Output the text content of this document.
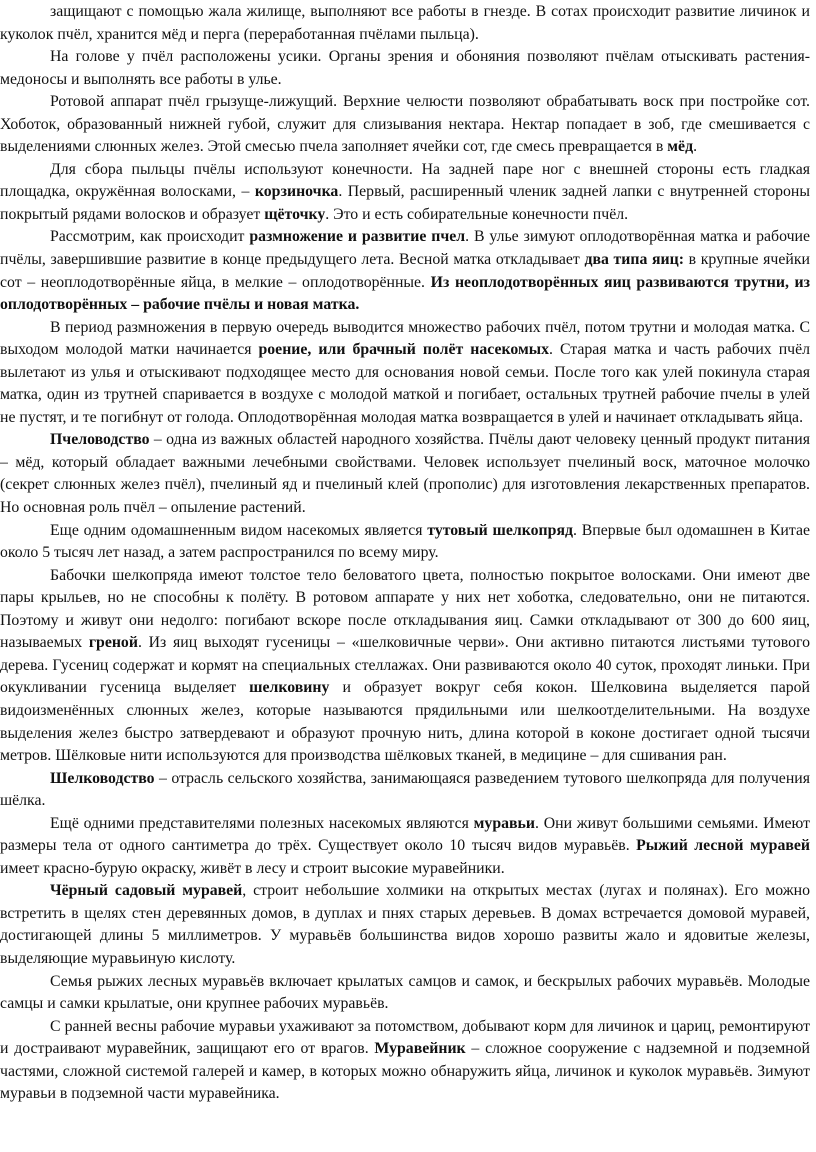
защищают с помощью жала жилище, выполняют все работы в гнезде. В сотах происходит развитие личинок и куколок пчёл, хранится мёд и перга (переработанная пчёлами пыльца).

На голове у пчёл расположены усики. Органы зрения и обоняния позволяют пчёлам отыскивать растения-медоносы и выполнять все работы в улье.

Ротовой аппарат пчёл грызуще-лижущий. Верхние челюсти позволяют обрабатывать воск при постройке сот. Хоботок, образованный нижней губой, служит для слизывания нектара. Нектар попадает в зоб, где смешивается с выделениями слюнных желез. Этой смесью пчела заполняет ячейки сот, где смесь превращается в мёд.

Для сбора пыльцы пчёлы используют конечности. На задней паре ног с внешней стороны есть гладкая площадка, окружённая волосками, – корзиночка. Первый, расширенный членик задней лапки с внутренней стороны покрытый рядами волосков и образует щёточку. Это и есть собирательные конечности пчёл.

Рассмотрим, как происходит размножение и развитие пчел. В улье зимуют оплодотворённая матка и рабочие пчёлы, завершившие развитие в конце предыдущего лета. Весной матка откладывает два типа яиц: в крупные ячейки сот – неоплодотворённые яйца, в мелкие – оплодотворённые. Из неоплодотворённых яиц развиваются трутни, из оплодотворённых – рабочие пчёлы и новая матка.

В период размножения в первую очередь выводится множество рабочих пчёл, потом трутни и молодая матка. С выходом молодой матки начинается роение, или брачный полёт насекомых. Старая матка и часть рабочих пчёл вылетают из улья и отыскивают подходящее место для основания новой семьи. После того как улей покинула старая матка, один из трутней спаривается в воздухе с молодой маткой и погибает, остальных трутней рабочие пчелы в улей не пустят, и те погибнут от голода. Оплодотворённая молодая матка возвращается в улей и начинает откладывать яйца.

Пчеловодство – одна из важных областей народного хозяйства. Пчёлы дают человеку ценный продукт питания – мёд, который обладает важными лечебными свойствами. Человек использует пчелиный воск, маточное молочко (секрет слюнных желез пчёл), пчелиный яд и пчелиный клей (прополис) для изготовления лекарственных препаратов. Но основная роль пчёл – опыление растений.

Еще одним одомашненным видом насекомых является тутовый шелкопряд. Впервые был одомашнен в Китае около 5 тысяч лет назад, а затем распространился по всему миру.

Бабочки шелкопряда имеют толстое тело беловатого цвета, полностью покрытое волосками. Они имеют две пары крыльев, но не способны к полёту. В ротовом аппарате у них нет хоботка, следовательно, они не питаются. Поэтому и живут они недолго: погибают вскоре после откладывания яиц. Самки откладывают от 300 до 600 яиц, называемых греной. Из яиц выходят гусеницы – «шелковичные черви». Они активно питаются листьями тутового дерева. Гусениц содержат и кормят на специальных стеллажах. Они развиваются около 40 суток, проходят линьки. При окукливании гусеница выделяет шелковину и образует вокруг себя кокон. Шелковина выделяется парой видоизменённых слюнных желез, которые называются прядильными или шелкоотделительными. На воздухе выделения желез быстро затвердевают и образуют прочную нить, длина которой в коконе достигает одной тысячи метров. Шёлковые нити используются для производства шёлковых тканей, в медицине – для сшивания ран.

Шелководство – отрасль сельского хозяйства, занимающаяся разведением тутового шелкопряда для получения шёлка.

Ещё одними представителями полезных насекомых являются муравьи. Они живут большими семьями. Имеют размеры тела от одного сантиметра до трёх. Существует около 10 тысяч видов муравьёв. Рыжий лесной муравей имеет красно-бурую окраску, живёт в лесу и строит высокие муравейники.

Чёрный садовый муравей, строит небольшие холмики на открытых местах (лугах и полянах). Его можно встретить в щелях стен деревянных домов, в дуплах и пнях старых деревьев. В домах встречается домовой муравей, достигающей длины 5 миллиметров. У муравьёв большинства видов хорошо развиты жало и ядовитые железы, выделяющие муравьиную кислоту.

Семья рыжих лесных муравьёв включает крылатых самцов и самок, и бескрылых рабочих муравьёв. Молодые самцы и самки крылатые, они крупнее рабочих муравьёв.

С ранней весны рабочие муравьи ухаживают за потомством, добывают корм для личинок и цариц, ремонтируют и достраивают муравейник, защищают его от врагов. Муравейник – сложное сооружение с надземной и подземной частями, сложной системой галерей и камер, в которых можно обнаружить яйца, личинок и куколок муравьёв. Зимуют муравьи в подземной части муравейника.
